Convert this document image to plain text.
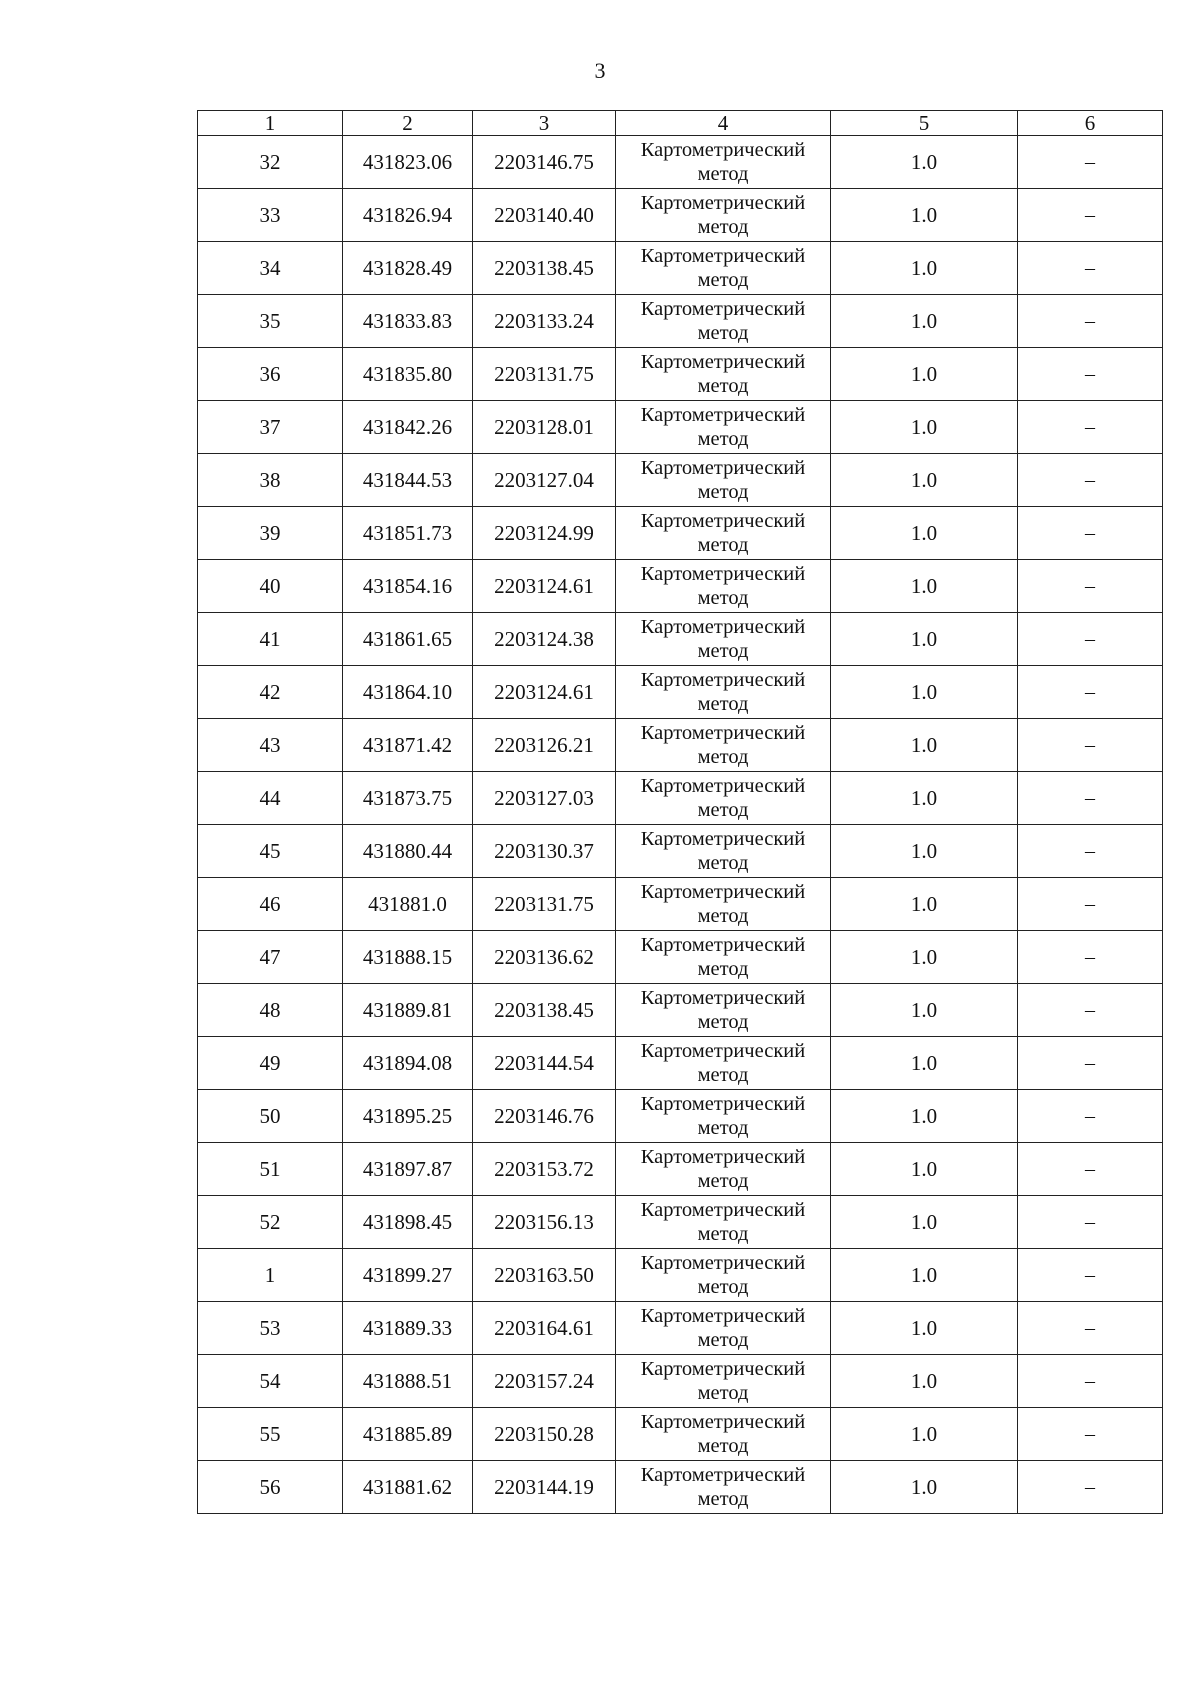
3
1	2	3	4	5	6
32	431823.06	2203146.75	Картометрический
метод	1.0	–
33	431826.94	2203140.40	Картометрический
метод	1.0	–
34	431828.49	2203138.45	Картометрический
метод	1.0	–
35	431833.83	2203133.24	Картометрический
метод	1.0	–
36	431835.80	2203131.75	Картометрический
метод	1.0	–
37	431842.26	2203128.01	Картометрический
метод	1.0	–
38	431844.53	2203127.04	Картометрический
метод	1.0	–
39	431851.73	2203124.99	Картометрический
метод	1.0	–
40	431854.16	2203124.61	Картометрический
метод	1.0	–
41	431861.65	2203124.38	Картометрический
метод	1.0	–
42	431864.10	2203124.61	Картометрический
метод	1.0	–
43	431871.42	2203126.21	Картометрический
метод	1.0	–
44	431873.75	2203127.03	Картометрический
метод	1.0	–
45	431880.44	2203130.37	Картометрический
метод	1.0	–
46	431881.0	2203131.75	Картометрический
метод	1.0	–
47	431888.15	2203136.62	Картометрический
метод	1.0	–
48	431889.81	2203138.45	Картометрический
метод	1.0	–
49	431894.08	2203144.54	Картометрический
метод	1.0	–
50	431895.25	2203146.76	Картометрический
метод	1.0	–
51	431897.87	2203153.72	Картометрический
метод	1.0	–
52	431898.45	2203156.13	Картометрический
метод	1.0	–
1	431899.27	2203163.50	Картометрический
метод	1.0	–
53	431889.33	2203164.61	Картометрический
метод	1.0	–
54	431888.51	2203157.24	Картометрический
метод	1.0	–
55	431885.89	2203150.28	Картометрический
метод	1.0	–
56	431881.62	2203144.19	Картометрический
метод	1.0	–
